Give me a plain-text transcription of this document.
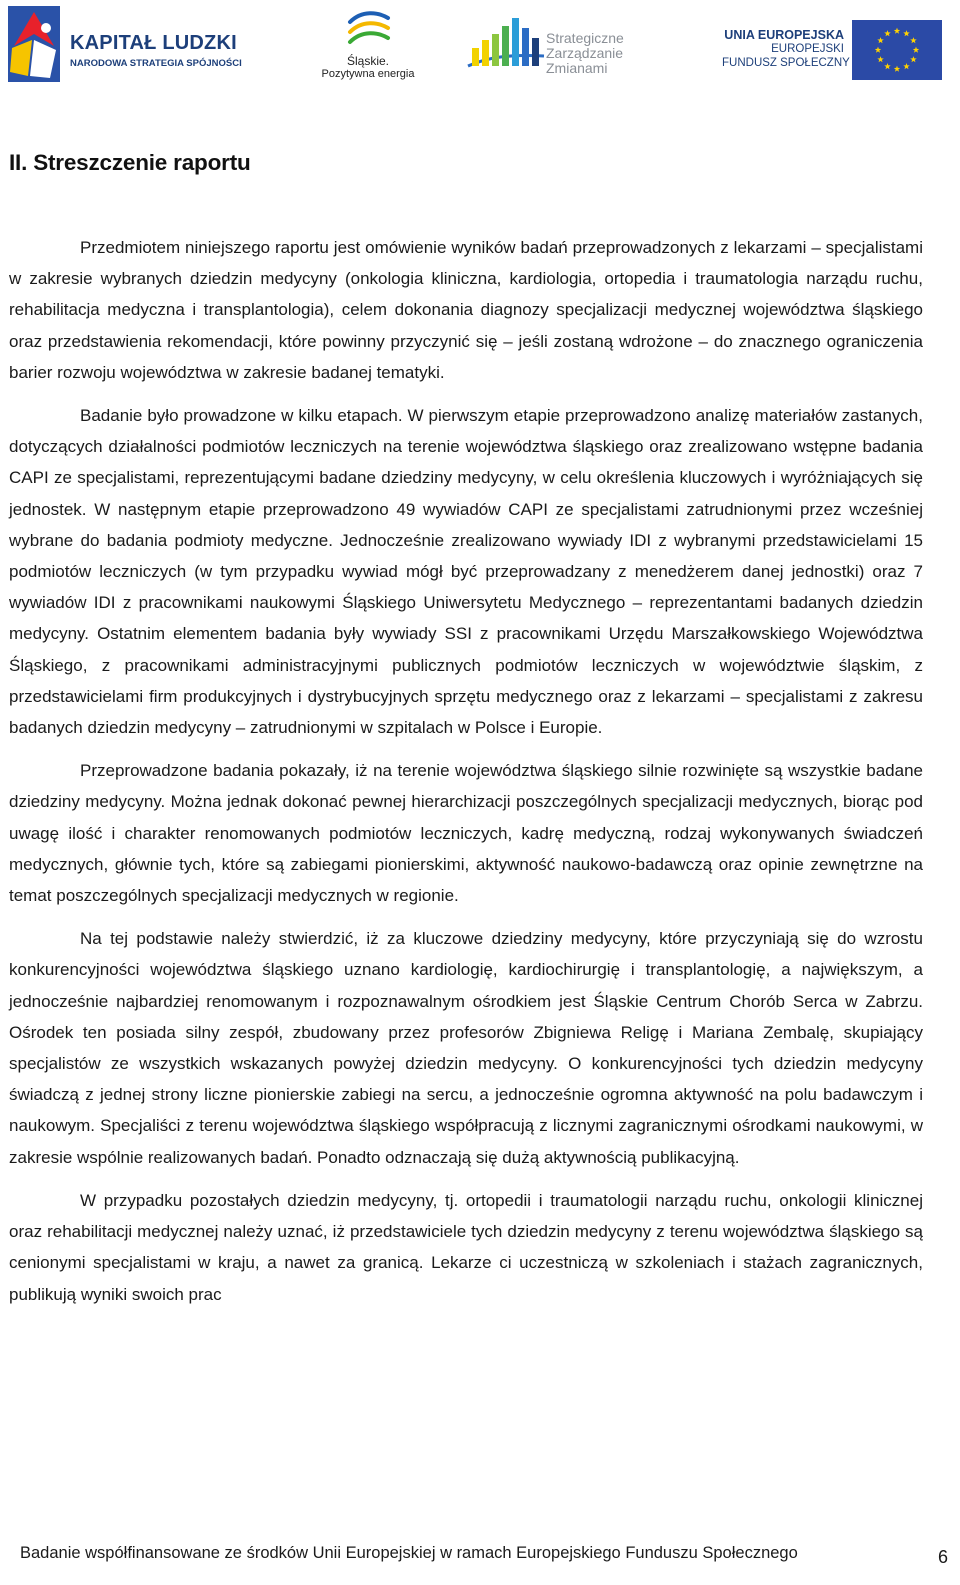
KAPITAŁ LUDZKI
NARODOWA STRATEGIA SPÓJNOŚCI	Śląskie.
Pozytywna energia
Strategiczne
Zarządzanie
Zmianami
UNIA EUROPEJSKA
EUROPEJSKI
FUNDUSZ SPOŁECZNY
II. Streszczenie raportu

Przedmiotem niniejszego raportu jest omówienie wyników badań przeprowadzonych z lekarzami – specjalistami w zakresie wybranych dziedzin medycyny (onkologia kliniczna, kardiologia, ortopedia i traumatologia narządu ruchu, rehabilitacja medyczna i transplantologia), celem dokonania diagnozy specjalizacji medycznej województwa śląskiego oraz przedstawienia rekomendacji, które powinny przyczynić się – jeśli zostaną wdrożone – do znacznego ograniczenia barier rozwoju województwa w zakresie badanej tematyki.

Badanie było prowadzone w kilku etapach. W pierwszym etapie przeprowadzono analizę materiałów zastanych, dotyczących działalności podmiotów leczniczych na terenie województwa śląskiego oraz zrealizowano wstępne badania CAPI ze specjalistami, reprezentującymi badane dziedziny medycyny, w celu określenia kluczowych i wyróżniających się jednostek. W następnym etapie przeprowadzono 49 wywiadów CAPI ze specjalistami zatrudnionymi przez wcześniej wybrane do badania podmioty medyczne. Jednocześnie zrealizowano wywiady IDI z wybranymi przedstawicielami 15 podmiotów leczniczych (w tym przypadku wywiad mógł być przeprowadzany z menedżerem danej jednostki) oraz 7 wywiadów IDI z pracownikami naukowymi Śląskiego Uniwersytetu Medycznego – reprezentantami badanych dziedzin medycyny. Ostatnim elementem badania były wywiady SSI z pracownikami Urzędu Marszałkowskiego Województwa Śląskiego, z pracownikami administracyjnymi publicznych podmiotów leczniczych w województwie śląskim, z przedstawicielami firm produkcyjnych i dystrybucyjnych sprzętu medycznego oraz z lekarzami – specjalistami z zakresu badanych dziedzin medycyny – zatrudnionymi w szpitalach w Polsce i Europie.

Przeprowadzone badania pokazały, iż na terenie województwa śląskiego silnie rozwinięte są wszystkie badane dziedziny medycyny. Można jednak dokonać pewnej hierarchizacji poszczególnych specjalizacji medycznych, biorąc pod uwagę ilość i charakter renomowanych podmiotów leczniczych, kadrę medyczną, rodzaj wykonywanych świadczeń medycznych, głównie tych, które są zabiegami pionierskimi, aktywność naukowo-badawczą oraz opinie zewnętrzne na temat poszczególnych specjalizacji medycznych w regionie.

Na tej podstawie należy stwierdzić, iż za kluczowe dziedziny medycyny, które przyczyniają się do wzrostu konkurencyjności województwa śląskiego uznano kardiologię, kardiochirurgię i transplantologię, a największym, a jednocześnie najbardziej renomowanym i rozpoznawalnym ośrodkiem jest Śląskie Centrum Chorób Serca w Zabrzu. Ośrodek ten posiada silny zespół, zbudowany przez profesorów Zbigniewa Religę i Mariana Zembalę, skupiający specjalistów ze wszystkich wskazanych powyżej dziedzin medycyny. O konkurencyjności tych dziedzin medycyny świadczą z jednej strony liczne pionierskie zabiegi na sercu, a jednocześnie ogromna aktywność na polu badawczym i naukowym. Specjaliści z terenu województwa śląskiego współpracują z licznymi zagranicznymi ośrodkami naukowymi, w zakresie wspólnie realizowanych badań. Ponadto odznaczają się dużą aktywnością publikacyjną.

W przypadku pozostałych dziedzin medycyny, tj. ortopedii i traumatologii narządu ruchu, onkologii klinicznej oraz rehabilitacji medycznej należy uznać, iż przedstawiciele tych dziedzin medycyny z terenu województwa śląskiego są cenionymi specjalistami w kraju, a nawet za granicą. Lekarze ci uczestniczą w szkoleniach i stażach zagranicznych, publikują wyniki swoich prac

Badanie współfinansowane ze środków Unii Europejskiej w ramach Europejskiego Funduszu Społecznego	6
